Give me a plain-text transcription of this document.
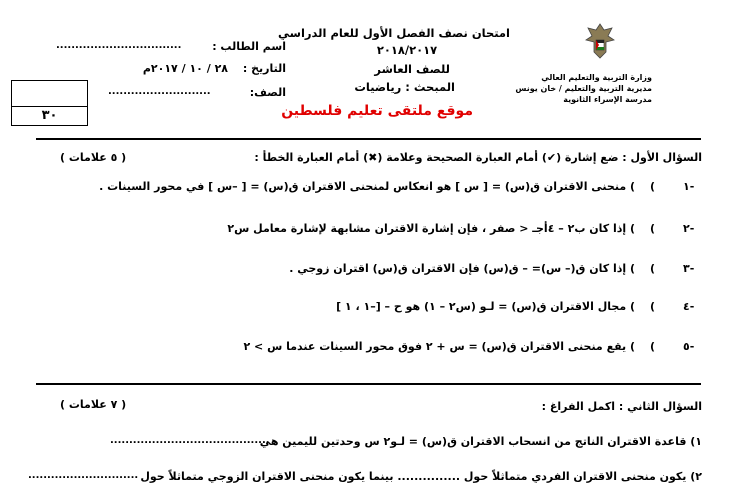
وزارة التربية والتعليم العالي
مديرية التربية والتعليم / خان يونس
مدرسة الإسراء الثانوية
امتحان نصف الفصل الأول للعام الدراسي
٢٠١٨/٢٠١٧
للصف العاشر
المبحث : رياضيات
موقع ملتقى تعليم فلسطين
اسم الطالب :
.................................
التاريخ :
٢٨ / ١٠ / ٢٠١٧م
الصف:
...........................
٣٠
السؤال الأول : ضع إشارة (✔) أمام العبارة الصحيحة وعلامة (✖) أمام العبارة الخطأ :
( ٥ علامات )
١-
(
) منحنى الاقتران ق(س) = [ س ] هو انعكاس لمنحنى الاقتران ق(س) = [ –س ] في محور السينات .
٢-
(
) إذا كان ب٢ – ٤أجـ < صفر ، فإن إشارة الاقتران مشابهة لإشارة معامل س٢
٣-
(
) إذا كان ق(– س)= – ق(س) فإن الاقتران ق(س) اقتران زوجي .
٤-
(
) مجال الاقتران ق(س) = لـو (س٢ – ١) هو ح – [–١ ، ١ ]
٥-
(
) يقع منحنى الاقتران ق(س) = س + ٢ فوق محور السينات عندما س > ٢
السؤال الثاني : اكمل الفراغ :
( ٧ علامات )
١) قاعدة الاقتران الناتج من انسحاب الاقتران ق(س) = لـو٢ س وحدتين لليمين هي
..........................................
٢) يكون منحنى الاقتران الفردي متماثلاً حول ............... بينما يكون منحنى الاقتران الزوجي متماثلاً حول
.............................
